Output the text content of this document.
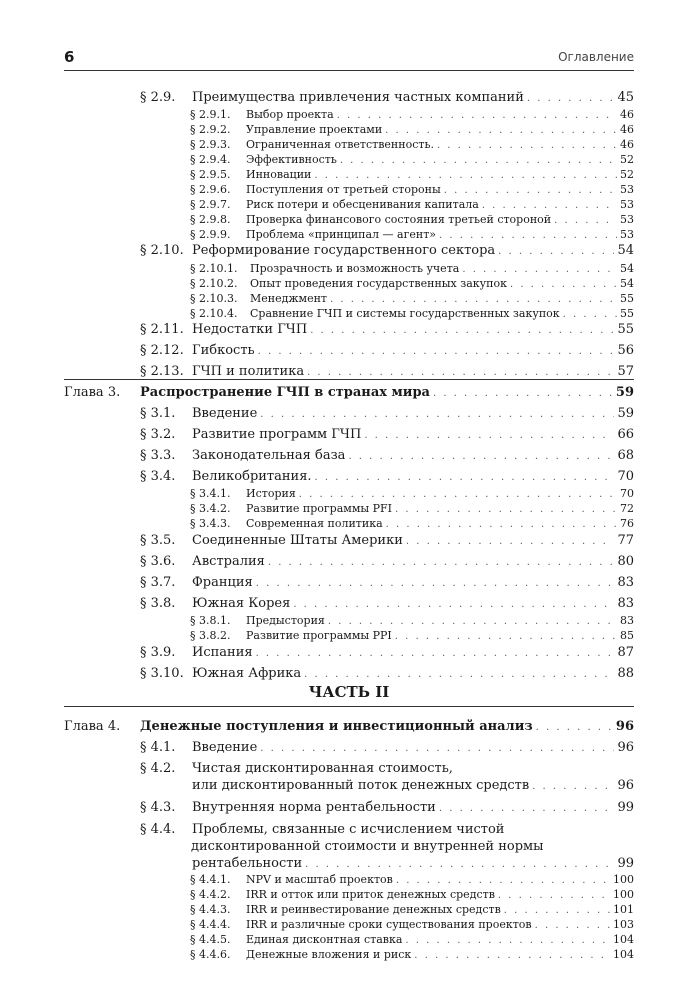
6	Оглавление
§ 2.9.	Преимущества привлечения частных компаний . . .	45
§ 2.9.1.	Выбор проекта . . .	46
§ 2.9.2.	Управление проектами . . .	46
§ 2.9.3.	Ограниченная ответственность. . . .	46
§ 2.9.4.	Эффективность . . .	52
§ 2.9.5.	Инновации . . .	52
§ 2.9.6.	Поступления от третьей стороны . . .	53
§ 2.9.7.	Риск потери и обесценивания капитала . . .	53
§ 2.9.8.	Проверка финансового состояния третьей стороной . . .	53
§ 2.9.9.	Проблема «принципал — агент» . . .	53
§ 2.10. Реформирование государственного сектора . . .	54
§ 2.10.1.	Прозрачность и возможность учета . . .	54
§ 2.10.2.	Опыт проведения государственных закупок . . .	54
§ 2.10.3.	Менеджмент . . .	55
§ 2.10.4.	Сравнение ГЧП и системы государственных закупок . . .	55
§ 2.11. Недостатки ГЧП . . .	55
§ 2.12. Гибкость . . .	56
§ 2.13. ГЧП и политика . . .	57
Глава 3.	Распространение ГЧП в странах мира . . .	59
§ 3.1.	Введение . . .	59
§ 3.2.	Развитие программ ГЧП . . .	66
§ 3.3.	Законодательная база . . .	68
§ 3.4.	Великобритания. . . .	70
§ 3.4.1.	История . . .	70
§ 3.4.2.	Развитие программы PFI . . .	72
§ 3.4.3.	Современная политика . . .	76
§ 3.5.	Соединенные Штаты Америки . . .	77
§ 3.6.	Австралия . . .	80
§ 3.7.	Франция . . .	83
§ 3.8.	Южная Корея . . .	83
§ 3.8.1.	Предыстория . . .	83
§ 3.8.2.	Развитие программы PPI . . .	85
§ 3.9.	Испания . . .	87
§ 3.10. Южная Африка . . .	88
ЧАСТЬ II
Глава 4.	Денежные поступления и инвестиционный анализ . . .	96
§ 4.1.	Введение . . .	96
§ 4.2.	Чистая дисконтированная стоимость,
или дисконтированный поток денежных средств . . .	96
§ 4.3.	Внутренняя норма рентабельности . . .	99
§ 4.4.	Проблемы, связанные с исчислением чистой
дисконтированной стоимости и внутренней нормы
рентабельности . . .	99
§ 4.4.1.	NPV и масштаб проектов . . .	100
§ 4.4.2.	IRR и отток или приток денежных средств . . .	100
§ 4.4.3.	IRR и реинвестирование денежных средств . . .	101
§ 4.4.4.	IRR и различные сроки существования проектов . . .	103
§ 4.4.5.	Единая дисконтная ставка . . .	104
§ 4.4.6.	Денежные вложения и риск . . .	104
